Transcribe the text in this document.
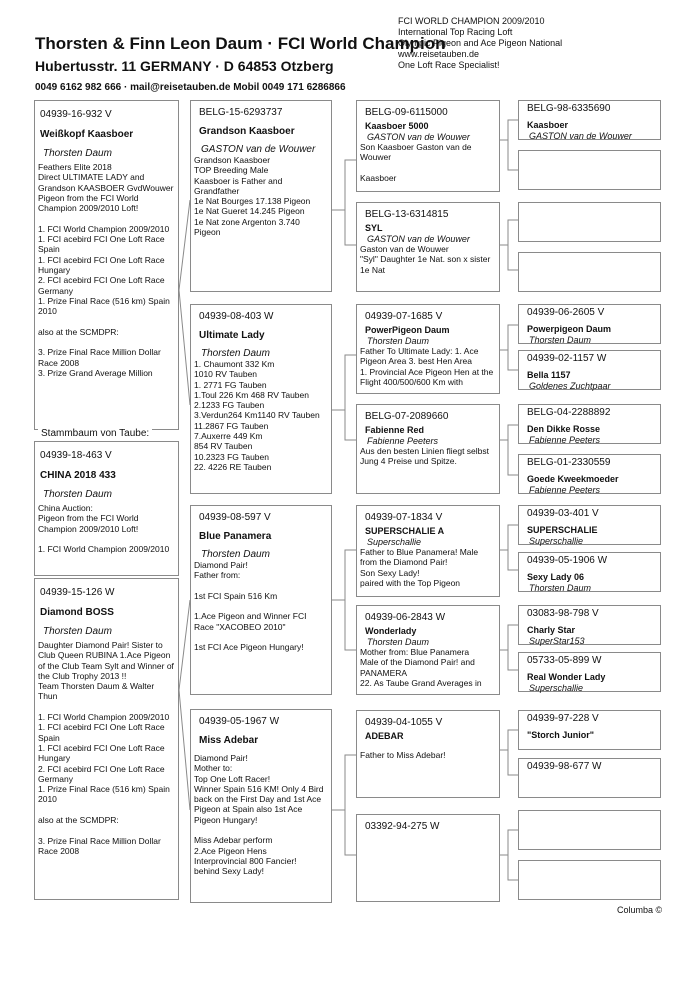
Thorsten & Finn Leon Daum · FCI World Champion
Hubertusstr. 11 GERMANY · D 64853 Otzberg
0049 6162 982 666 · mail@reisetauben.de Mobil 0049 171 6286866
FCI WORLD CHAMPION 2009/2010
International Top Racing Loft
Olympic Pigeon and Ace Pigeon National
www.reisetauben.de
One Loft Race Specialist!
04939-16-932 V
Weißkopf Kaasboer
Thorsten Daum
Feathers Elite 2018
Direct ULTIMATE LADY and Grandson KAASBOER GvdWouwer
Pigeon from the FCI World Champion 2009/2010 Loft!

1. FCI World Champion 2009/2010
1. FCI acebird FCI One Loft Race Spain
1. FCI acebird FCI One Loft Race Hungary
2. FCI acebird FCI One Loft Race Germany
1. Prize Final Race (516 km) Spain 2010

also at the SCMDPR:

3. Prize Final Race Million Dollar Race 2008
3. Prize Grand Average Million
Stammbaum von Taube:
04939-18-463 V
CHINA 2018 433
Thorsten Daum
China Auction:
Pigeon from the FCI World Champion 2009/2010 Loft!

1. FCI World Champion 2009/2010
04939-15-126 W
Diamond BOSS
Thorsten Daum
Daughter Diamond Pair! Sister to Club Queen RUBINA 1.Ace Pigeon of the Club Team Sylt and Winner of the Club Trophy 2013 !!
Team Thorsten Daum & Walter Thun

1. FCI World Champion 2009/2010
1. FCI acebird FCI One Loft Race Spain
1. FCI acebird FCI One Loft Race Hungary
2. FCI acebird FCI One Loft Race Germany
1. Prize Final Race (516 km) Spain 2010

also at the SCMDPR:

3. Prize Final Race Million Dollar Race 2008
BELG-15-6293737
Grandson Kaasboer
GASTON van de Wouwer
Grandson Kaasboer
TOP Breeding Male
Kaasboer is Father and Grandfather
1e Nat Bourges 17.138 Pigeon
1e Nat Gueret 14.245 Pigeon
1e Nat zone Argenton 3.740 Pigeon
04939-08-403 W
Ultimate Lady
Thorsten Daum
1. Chaumont 332 Km
1010 RV Tauben
1. 2771 FG Tauben
1.Toul 226 Km 468 RV Tauben
2.1233 FG Tauben
3.Verdun264 Km1140 RV Tauben
11.2867 FG Tauben
7.Auxerre 449 Km
854 RV Tauben
10.2323 FG Tauben
22. 4226 RE Tauben
04939-08-597 V
Blue Panamera
Thorsten Daum
Diamond Pair!
Father from:

1st FCI Spain 516 Km

1.Ace Pigeon and Winner FCI Race "XACOBEO 2010"

1st FCI Ace Pigeon Hungary!
04939-05-1967 W
Miss Adebar
Diamond Pair!
Mother to:
Top One Loft Racer!
Winner Spain 516 KM! Only 4 Bird back on the First Day and 1st Ace Pigeon at Spain also 1st Ace Pigeon Hungary!

Miss Adebar perform
2.Ace Pigeon Hens
Interprovincial 800 Fancier!
behind Sexy Lady!
BELG-09-6115000
Kaasboer 5000
GASTON van de Wouwer
Son Kaasboer Gaston van de Wouwer

Kaasboer
BELG-13-6314815
SYL
GASTON van de Wouwer
Gaston van de Wouwer
"Syl" Daughter 1e Nat. son x sister 1e Nat
04939-07-1685 V
PowerPigeon Daum
Thorsten Daum
Father To Ultimate Lady: 1. Ace Pigeon Area 3. best Hen Area
1. Provincial Ace Pigeon Hen at the Flight 400/500/600 Km with
BELG-07-2089660
Fabienne Red
Fabienne Peeters
Aus den besten Linien fliegt selbst Jung 4 Preise und Spitze.
04939-07-1834 V
SUPERSCHALIE A
Superschallie
Father to Blue Panamera! Male from the Diamond Pair!
Son Sexy Lady!
paired with the Top Pigeon
04939-06-2843 W
Wonderlady
Thorsten Daum
Mother from: Blue Panamera
Male of the Diamond Pair! and PANAMERA
22. As Taube Grand Averages in
04939-04-1055 V
ADEBAR
Father to Miss Adebar!
03392-94-275 W
BELG-98-6335690
Kaasboer
GASTON van de Wouwer
04939-06-2605 V
Powerpigeon Daum
Thorsten Daum
04939-02-1157 W
Bella 1157
Goldenes Zuchtpaar
BELG-04-2288892
Den Dikke Rosse
Fabienne Peeters
BELG-01-2330559
Goede Kweekmoeder
Fabienne Peeters
04939-03-401 V
SUPERSCHALIE
Superschallie
04939-05-1906 W
Sexy Lady 06
Thorsten Daum
03083-98-798 V
Charly Star
SuperStar153
05733-05-899 W
Real Wonder Lady
Superschallie
04939-97-228 V
"Storch Junior"
04939-98-677 W
Columba ©
